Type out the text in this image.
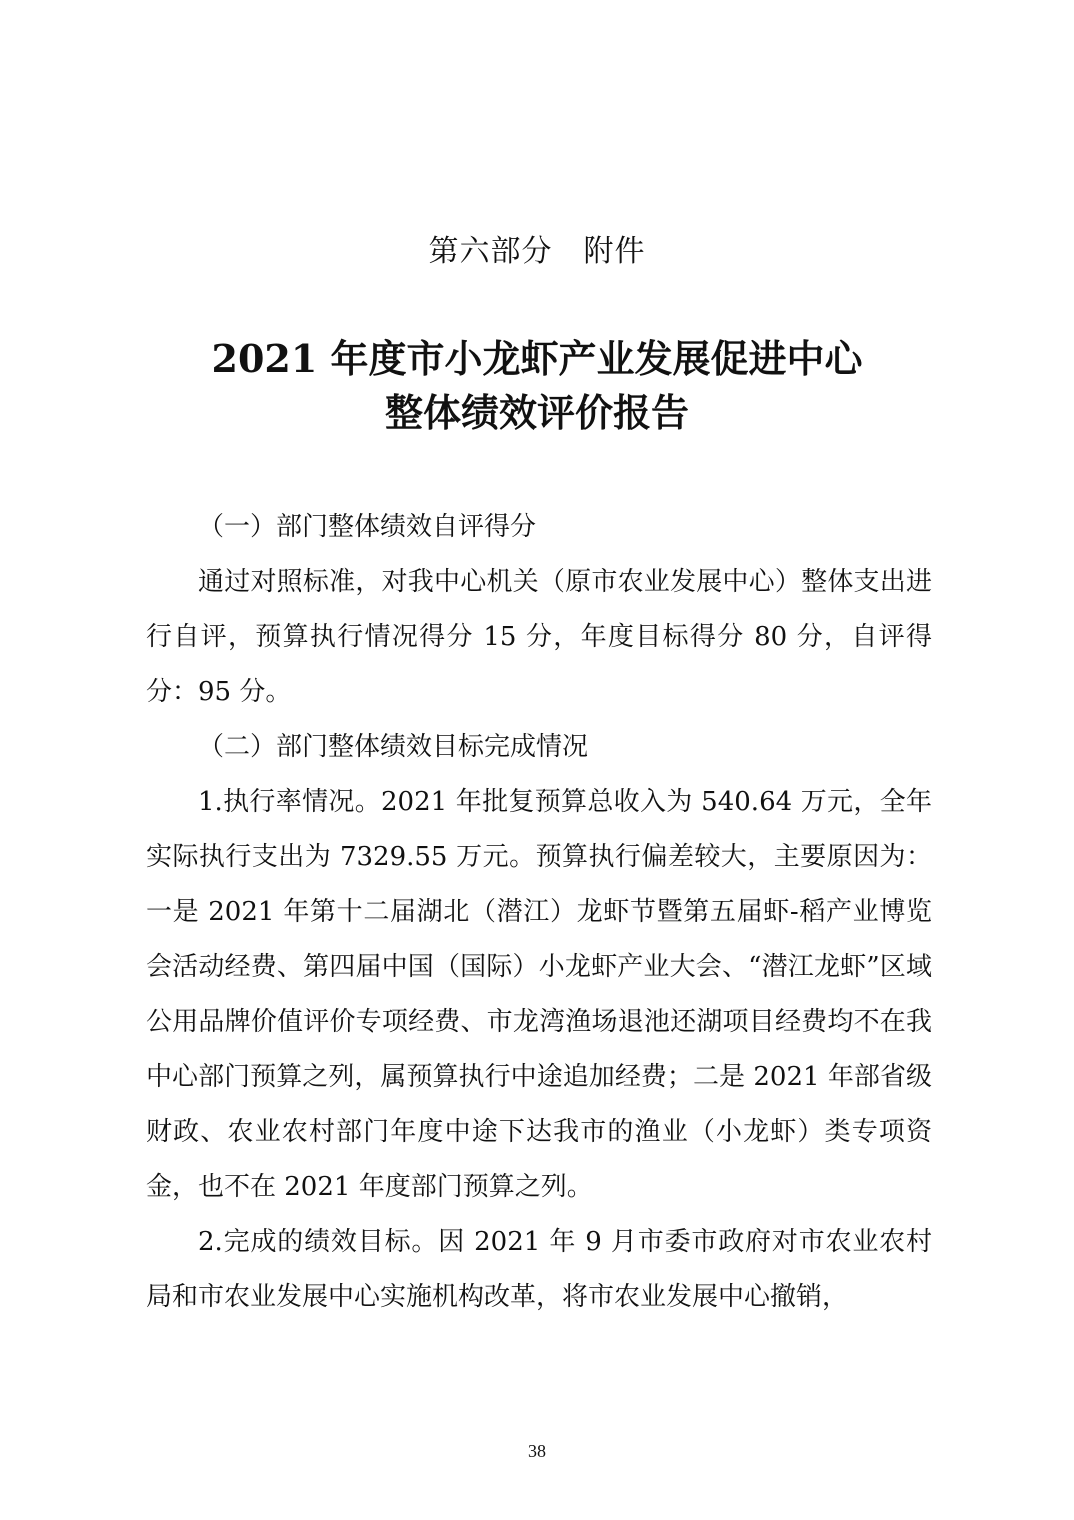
第六部分　附件
2021 年度市小龙虾产业发展促进中心
整体绩效评价报告

（一）部门整体绩效自评得分

通过对照标准，对我中心机关（原市农业发展中心）整体支出进行自评，预算执行情况得分 15 分，年度目标得分 80 分，自评得分：95 分。

（二）部门整体绩效目标完成情况

1.执行率情况。2021 年批复预算总收入为 540.64 万元，全年实际执行支出为 7329.55 万元。预算执行偏差较大，主要原因为：一是 2021 年第十二届湖北（潜江）龙虾节暨第五届虾-稻产业博览会活动经费、第四届中国（国际）小龙虾产业大会、“潜江龙虾”区域公用品牌价值评价专项经费、市龙湾渔场退池还湖项目经费均不在我中心部门预算之列，属预算执行中途追加经费；二是 2021 年部省级财政、农业农村部门年度中途下达我市的渔业（小龙虾）类专项资金，也不在 2021 年度部门预算之列。

2.完成的绩效目标。因 2021 年 9 月市委市政府对市农业农村局和市农业发展中心实施机构改革，将市农业发展中心撤销，

38
